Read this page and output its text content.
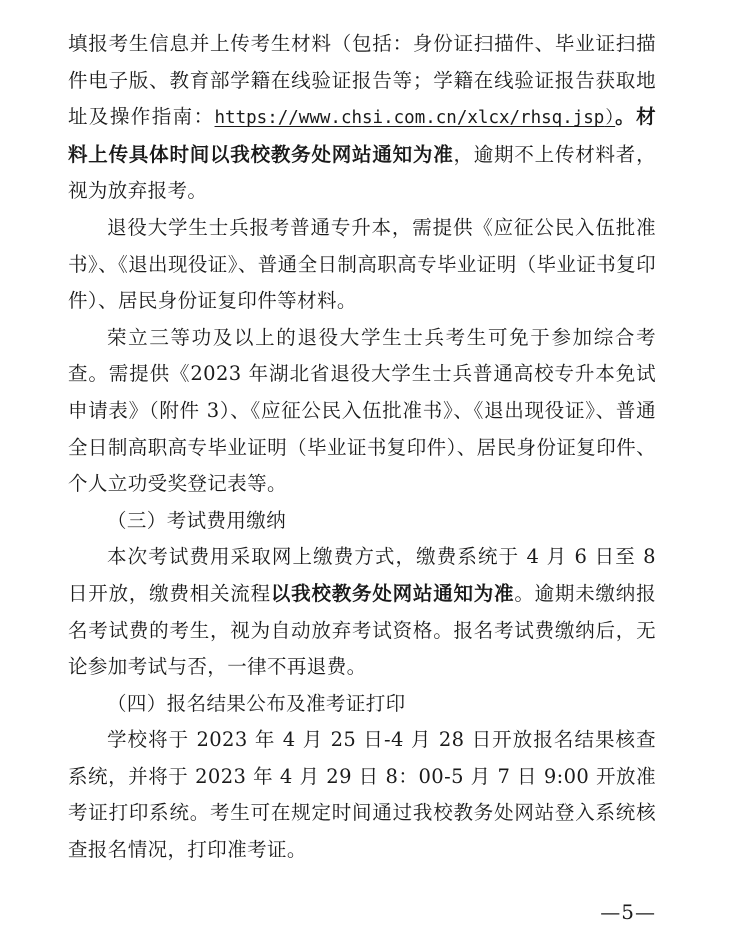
填报考生信息并上传考生材料（包括：身份证扫描件、毕业证扫描件电子版、教育部学籍在线验证报告等；学籍在线验证报告获取地址及操作指南：https://www.chsi.com.cn/xlcx/rhsq.jsp）。材料上传具体时间以我校教务处网站通知为准，逾期不上传材料者，视为放弃报考。

退役大学生士兵报考普通专升本，需提供《应征公民入伍批准书》、《退出现役证》、普通全日制高职高专毕业证明（毕业证书复印件）、居民身份证复印件等材料。

荣立三等功及以上的退役大学生士兵考生可免于参加综合考查。需提供《2023 年湖北省退役大学生士兵普通高校专升本免试申请表》（附件 3）、《应征公民入伍批准书》、《退出现役证》、普通全日制高职高专毕业证明（毕业证书复印件）、居民身份证复印件、个人立功受奖登记表等。

（三）考试费用缴纳

本次考试费用采取网上缴费方式，缴费系统于 4 月 6 日至 8 日开放，缴费相关流程以我校教务处网站通知为准。逾期未缴纳报名考试费的考生，视为自动放弃考试资格。报名考试费缴纳后，无论参加考试与否，一律不再退费。

（四）报名结果公布及准考证打印

学校将于 2023 年 4 月 25 日-4 月 28 日开放报名结果核查系统，并将于 2023 年 4 月 29 日 8：00-5 月 7 日 9:00 开放准考证打印系统。考生可在规定时间通过我校教务处网站登入系统核查报名情况，打印准考证。

—5—
